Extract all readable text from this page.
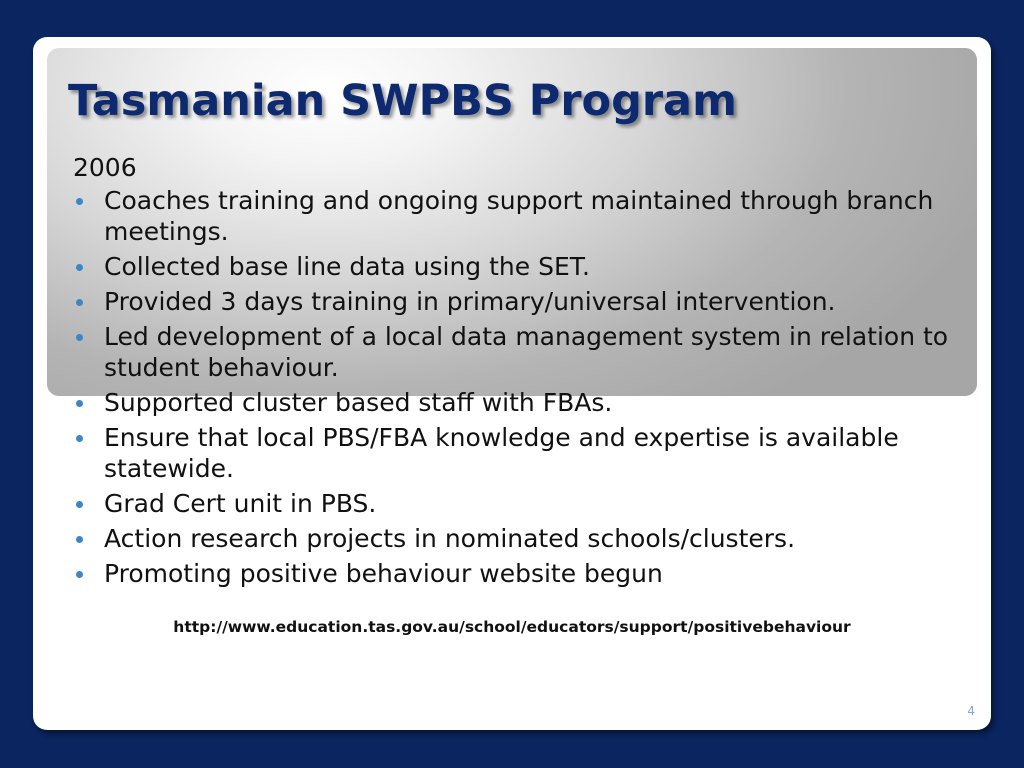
Tasmanian SWPBS Program

2006

Coaches training and ongoing support maintained through branch meetings.
Collected base line data using the SET.
Provided 3 days training in primary/universal intervention.
Led development of a local data management system in relation to student behaviour.
Supported cluster based staff with FBAs.
Ensure that local PBS/FBA knowledge and expertise is available statewide.
Grad Cert unit in PBS.
Action research projects in nominated schools/clusters.
Promoting positive behaviour website begun
http://www.education.tas.gov.au/school/educators/support/positivebehaviour
4
